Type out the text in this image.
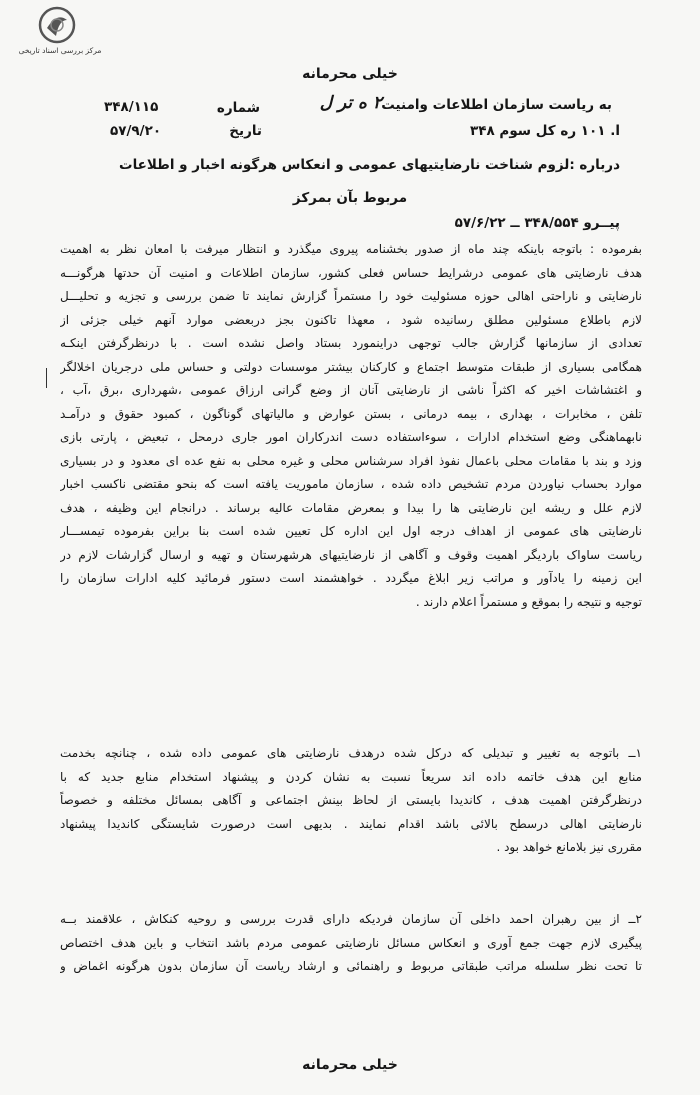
مرکز بررسی اسناد تاریخی
خیلی محرمانه
به ریاست سازمان اطلاعات وامنیت
۲ ه تر ل
شماره
۳۴۸/۱۱۵
تاریخ
۵۷/۹/۲۰	ا. ۱۰۱ ره کل سوم ۳۴۸
درباره :لزوم شناخت نارضایتیهای عمومی و انعکاس هرگونه اخبار و اطلاعات
مربوط بآن بمرکز
پیــرو ۳۴۸/۵۵۴ ــ ۵۷/۶/۲۲
بفرموده : باتوجه باینکه چند ماه از صدور بخشنامه پیروی میگذرد و انتظار میرفت با امعان نظر به اهمیت
هدف نارضایتی های عمومی درشرایط حساس فعلی کشور، سازمان اطلاعات و امنیت آن حدتها هرگونـــه
نارضایتی و ناراحتی اهالی حوزه مسئولیت خود را مستمراً گزارش نمایند تا ضمن بررسی و تجزیه و تحلیـــل
لازم باطلاع مسئولین مطلق رسانیده شود ، معهذا تاکنون بجز دربعضی موارد آنهم خیلی جزئی از
تعدادی از سازمانها گزارش جالب توجهی دراینمورد بستاد واصل نشده است . با درنظرگرفتن اینکـه
همگامی بسیاری از طبقات متوسط اجتماع و کارکنان بیشتر موسسات دولتی و حساس ملی درجریان اخلالگر
و اغتشاشات اخیر که اکثراً ناشی از نارضایتی آنان از وضع گرانی ارزاق عمومی ،شهرداری ،برق ،آب ،
تلفن ، مخابرات ، بهداری ، بیمه درمانی ، بستن عوارض و مالیاتهای گوناگون ، کمبود حقوق و درآمـد
نابهماهنگی وضع استخدام ادارات ، سوءاستفاده دست اندرکاران امور جاری درمحل ، تبعیض ، پارتی بازی
وزد و بند با مقامات محلی باعمال نفوذ افراد سرشناس محلی و غیره محلی به نفع عده ای معدود و در بسیاری
موارد بحساب نیاوردن مردم تشخیص داده شده ، سازمان ماموریت یافته است که بنحو مقتضی ناکسب اخبار
لازم علل و ریشه این نارضایتی ها را بیدا و بمعرض مقامات عالیه برساند . درانجام این وظیفه ، هدف
نارضایتی های عمومی از اهداف درجه اول این اداره کل تعیین شده است بنا براین بفرموده تیمســـار
ریاست ساواک باردیگر اهمیت وقوف و آگاهی از نارضایتیهای هرشهرستان و تهیه و ارسال گزارشات لازم در
این زمینه را یادآور و مراتب زیر ابلاغ میگردد . خواهشمند است دستور فرمائید کلیه ادارات سازمان را
توجیه و نتیجه را بموقع و مستمراً اعلام دارند .
۱ــ باتوجه به تغییر و تبدیلی که درکل شده درهدف نارضایتی های عمومی داده شده ، چنانچه بخدمت
منابع این هدف خاتمه داده اند سریعاً نسبت به نشان کردن و پیشنهاد استخدام منابع جدید که با
درنظرگرفتن اهمیت هدف ، کاندیدا بایستی از لحاظ بینش اجتماعی و آگاهی بمسائل مختلفه و خصوصاً
نارضایتی اهالی درسطح بالائی باشد اقدام نمایند . بدیهی است درصورت شایستگی کاندیدا پیشنهاد
مقرری نیز بلامانع خواهد بود .
۲ــ از بین رهبران احمد داخلی آن سازمان فردیکه دارای قدرت بررسی و روحیه کنکاش ، علاقمند بــه
پیگیری لازم جهت جمع آوری و انعکاس مسائل نارضایتی عمومی مردم باشد انتخاب و باین هدف اختصاص
تا تحت نظر سلسله مراتب طبقاتی مربوط و راهنمائی و ارشاد ریاست آن سازمان بدون هرگونه اغماض و
خیلی محرمانه
